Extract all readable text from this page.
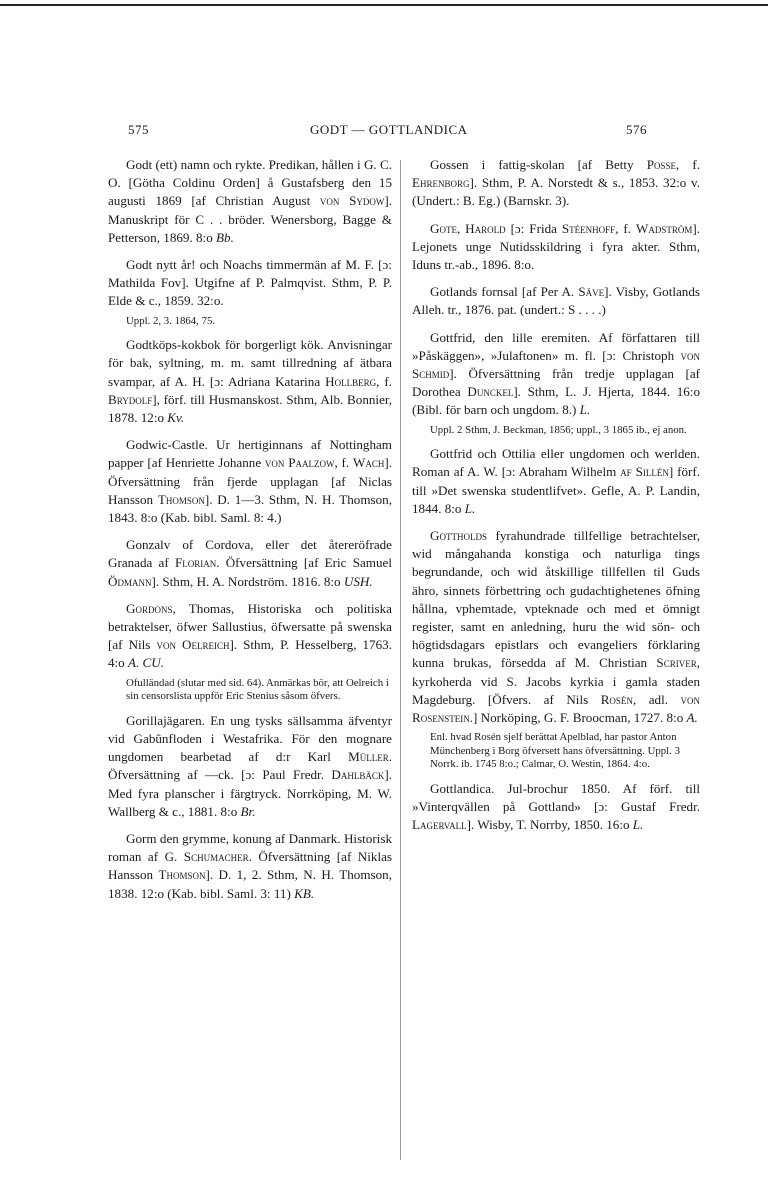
575	GODT — GOTTLANDICA	576

Godt (ett) namn och rykte. Predikan, hållen i G. C. O. [Götha Coldinu Orden] å Gustafsberg den 15 augusti 1869 [af Christian August von Sydow]. Manuskript för C . . bröder. Wenersborg, Bagge & Petterson, 1869. 8:o Bb.

Godt nytt år! och Noachs timmermän af M. F. [ɔ: Mathilda Fov]. Utgifne af P. Palmqvist. Sthm, P. P. Elde & c., 1859. 32:o.

Uppl. 2, 3. 1864, 75.

Godtköps-kokbok för borgerligt kök. Anvisningar för bak, syltning, m. m. samt tillredning af ätbara svampar, af A. H. [ɔ: Adriana Katarina Hollberg, f. Brydolf], förf. till Husmanskost. Sthm, Alb. Bonnier, 1878. 12:o Kv.

Godwic-Castle. Ur hertiginnans af Nottingham papper [af Henriette Johanne von Paalzow, f. Wach]. Öfversättning från fjerde upplagan [af Niclas Hansson Thomson]. D. 1—3. Sthm, N. H. Thomson, 1843. 8:o (Kab. bibl. Saml. 8: 4.)

Gonzalv of Cordova, eller det återeröfrade Granada af Florian. Öfversättning [af Eric Samuel Ödmann]. Sthm, H. A. Nordström. 1816. 8:o USH.

Gordons, Thomas, Historiska och politiska betraktelser, öfwer Sallustius, öfwersatte på swenska [af Nils von Oelreich]. Sthm, P. Hesselberg, 1763. 4:o A. CU.

Ofulländad (slutar med sid. 64). Anmärkas bör, att Oelreich i sin censorslista uppför Eric Stenius såsom öfvers.

Gorillajägaren. En ung tysks sällsamma äfventyr vid Gabûnfloden i Westafrika. För den mognare ungdomen bearbetad af d:r Karl Müller. Öfversättning af —ck. [ɔ: Paul Fredr. Dahlbäck]. Med fyra planscher i färgtryck. Norrköping, M. W. Wallberg & c., 1881. 8:o Br.

Gorm den grymme, konung af Danmark. Historisk roman af G. Schumacher. Öfversättning [af Niklas Hansson Thomson]. D. 1, 2. Sthm, N. H. Thomson, 1838. 12:o (Kab. bibl. Saml. 3: 11) KB.

Gossen i fattig-skolan [af Betty Posse, f. Ehrenborg]. Sthm, P. A. Norstedt & s., 1853. 32:o v. (Undert.: B. Eg.) (Barnskr. 3).

Gote, Harold [ɔ: Frida Stéenhoff, f. Wadström]. Lejonets unge Nutidsskildring i fyra akter. Sthm, Iduns tr.-ab., 1896. 8:o.

Gotlands fornsal [af Per A. Säve]. Visby, Gotlands Alleh. tr., 1876. pat. (undert.: S . . . .)

Gottfrid, den lille eremiten. Af författaren till »Påskäggen», »Julaftonen» m. fl. [ɔ: Christoph von Schmid]. Öfversättning från tredje upplagan [af Dorothea Dunckel]. Sthm, L. J. Hjerta, 1844. 16:o (Bibl. för barn och ungdom. 8.) L.

Uppl. 2 Sthm, J. Beckman, 1856; uppl., 3 1865 ib., ej anon.

Gottfrid och Ottilia eller ungdomen och werlden. Roman af A. W. [ɔ: Abraham Wilhelm af Sillén] förf. till »Det swenska studentlifvet». Gefle, A. P. Landin, 1844. 8:o L.

Gottholds fyrahundrade tillfellige betrachtelser, wid mångahanda konstiga och naturliga tings begrundande, och wid åtskillige tillfellen til Guds ähro, sinnets förbettring och gudachtighetenes öfning hållna, vphemtade, vpteknade och med et ömnigt register, samt en anledning, huru the wid sön- och högtidsdagars epistlars och evangeliers förklaring kunna brukas, försedda af M. Christian Scriver, kyrkoherda vid S. Jacobs kyrkia i gamla staden Magdeburg. [Öfvers. af Nils Rosén, adl. von Rosenstein.] Norköping, G. F. Broocman, 1727. 8:o A.

Enl. hvad Rosén sjelf berättat Apelblad, har pastor Anton Münchenberg i Borg öfversett hans öfversättning. Uppl. 3 Norrk. ib. 1745 8:o.; Calmar, O. Westin, 1864. 4:o.

Gottlandica. Jul-brochur 1850. Af förf. till »Vinterqvällen på Gottland» [ɔ: Gustaf Fredr. Lagervall]. Wisby, T. Norrby, 1850. 16:o L.
